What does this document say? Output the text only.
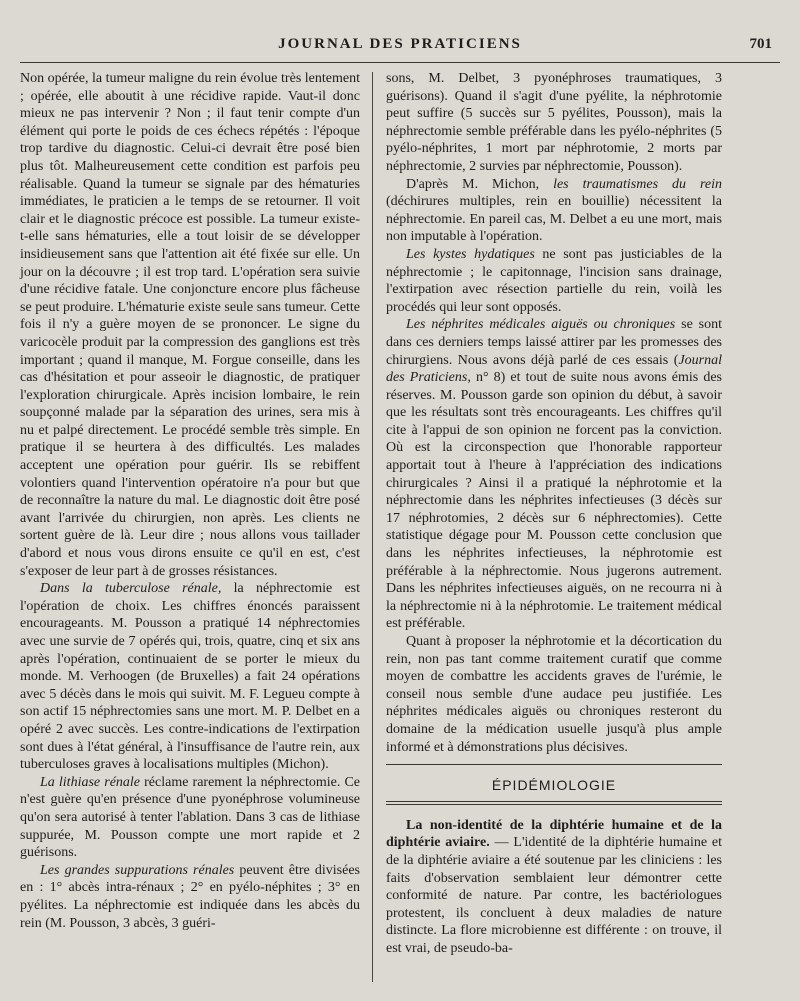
JOURNAL DES PRATICIENS	701

Non opérée, la tumeur maligne du rein évolue très lentement ; opérée, elle aboutit à une récidive rapide. Vaut-il donc mieux ne pas intervenir ? Non ; il faut tenir compte d'un élément qui porte le poids de ces échecs répétés : l'époque trop tardive du diagnostic. Celui-ci devrait être posé bien plus tôt. Malheureusement cette condition est parfois peu réalisable. Quand la tumeur se signale par des hématuries immédiates, le praticien a le temps de se retourner. Il voit clair et le diagnostic précoce est possible. La tumeur existe-t-elle sans hématuries, elle a tout loisir de se développer insidieusement sans que l'attention ait été fixée sur elle. Un jour on la découvre ; il est trop tard. L'opération sera suivie d'une récidive fatale. Une conjoncture encore plus fâcheuse se peut produire. L'hématurie existe seule sans tumeur. Cette fois il n'y a guère moyen de se prononcer. Le signe du varicocèle produit par la compression des ganglions est très important ; quand il manque, M. Forgue conseille, dans les cas d'hésitation et pour asseoir le diagnostic, de pratiquer l'exploration chirurgicale. Après incision lombaire, le rein soupçonné malade par la séparation des urines, sera mis à nu et palpé directement. Le procédé semble très simple. En pratique il se heurtera à des difficultés. Les malades acceptent une opération pour guérir. Ils se rebiffent volontiers quand l'intervention opératoire n'a pour but que de reconnaître la nature du mal. Le diagnostic doit être posé avant l'arrivée du chirurgien, non après. Les clients ne sortent guère de là. Leur dire ; nous allons vous taillader d'abord et nous vous dirons ensuite ce qu'il en est, c'est s'exposer de leur part à de grosses résistances.

Dans la tuberculose rénale, la néphrectomie est l'opération de choix. Les chiffres énoncés paraissent encourageants. M. Pousson a pratiqué 14 néphrectomies avec une survie de 7 opérés qui, trois, quatre, cinq et six ans après l'opération, continuaient de se porter le mieux du monde. M. Verhoogen (de Bruxelles) a fait 24 opérations avec 5 décès dans le mois qui suivit. M. F. Legueu compte à son actif 15 néphrectomies sans une mort. M. P. Delbet en a opéré 2 avec succès. Les contre-indications de l'extirpation sont dues à l'état général, à l'insuffisance de l'autre rein, aux tuberculoses graves à localisations multiples (Michon).

La lithiase rénale réclame rarement la néphrectomie. Ce n'est guère qu'en présence d'une pyonéphrose volumineuse qu'on sera autorisé à tenter l'ablation. Dans 3 cas de lithiase suppurée, M. Pousson compte une mort rapide et 2 guérisons.

Les grandes suppurations rénales peuvent être divisées en : 1° abcès intra-rénaux ; 2° en pyélo-néphites ; 3° en pyélites. La néphrectomie est indiquée dans les abcès du rein (M. Pousson, 3 abcès, 3 guéri-

sons, M. Delbet, 3 pyonéphroses traumatiques, 3 guérisons). Quand il s'agit d'une pyélite, la néphrotomie peut suffire (5 succès sur 5 pyélites, Pousson), mais la néphrectomie semble préférable dans les pyélo-néphrites (5 pyélo-néphrites, 1 mort par néphrotomie, 2 morts par néphrectomie, 2 survies par néphrectomie, Pousson).

D'après M. Michon, les traumatismes du rein (déchirures multiples, rein en bouillie) nécessitent la néphrectomie. En pareil cas, M. Delbet a eu une mort, mais non imputable à l'opération.

Les kystes hydatiques ne sont pas justiciables de la néphrectomie ; le capitonnage, l'incision sans drainage, l'extirpation avec résection partielle du rein, voilà les procédés qui leur sont opposés.

Les néphrites médicales aiguës ou chroniques se sont dans ces derniers temps laissé attirer par les promesses des chirurgiens. Nous avons déjà parlé de ces essais (Journal des Praticiens, n° 8) et tout de suite nous avons émis des réserves. M. Pousson garde son opinion du début, à savoir que les résultats sont très encourageants. Les chiffres qu'il cite à l'appui de son opinion ne forcent pas la conviction. Où est la circonspection que l'honorable rapporteur apportait tout à l'heure à l'appréciation des indications chirurgicales ? Ainsi il a pratiqué la néphrotomie et la néphrectomie dans les néphrites infectieuses (3 décès sur 17 néphrotomies, 2 décès sur 6 néphrectomies). Cette statistique dégage pour M. Pousson cette conclusion que dans les néphrites infectieuses, la néphrotomie est préférable à la néphrectomie. Nous jugerons autrement. Dans les néphrites infectieuses aiguës, on ne recourra ni à la néphrectomie ni à la néphrotomie. Le traitement médical est préférable.

Quant à proposer la néphrotomie et la décortication du rein, non pas tant comme traitement curatif que comme moyen de combattre les accidents graves de l'urémie, le conseil nous semble d'une audace peu justifiée. Les néphrites médicales aiguës ou chroniques resteront du domaine de la médication usuelle jusqu'à plus ample informé et à démonstrations plus décisives.

ÉPIDÉMIOLOGIE

La non-identité de la diphtérie humaine et de la diphtérie aviaire. — L'identité de la diphtérie humaine et de la diphtérie aviaire a été soutenue par les cliniciens : les faits d'observation semblaient leur démontrer cette conformité de nature. Par contre, les bactériologues protestent, ils concluent à deux maladies de nature distincte. La flore microbienne est différente : on trouve, il est vrai, de pseudo-ba-
